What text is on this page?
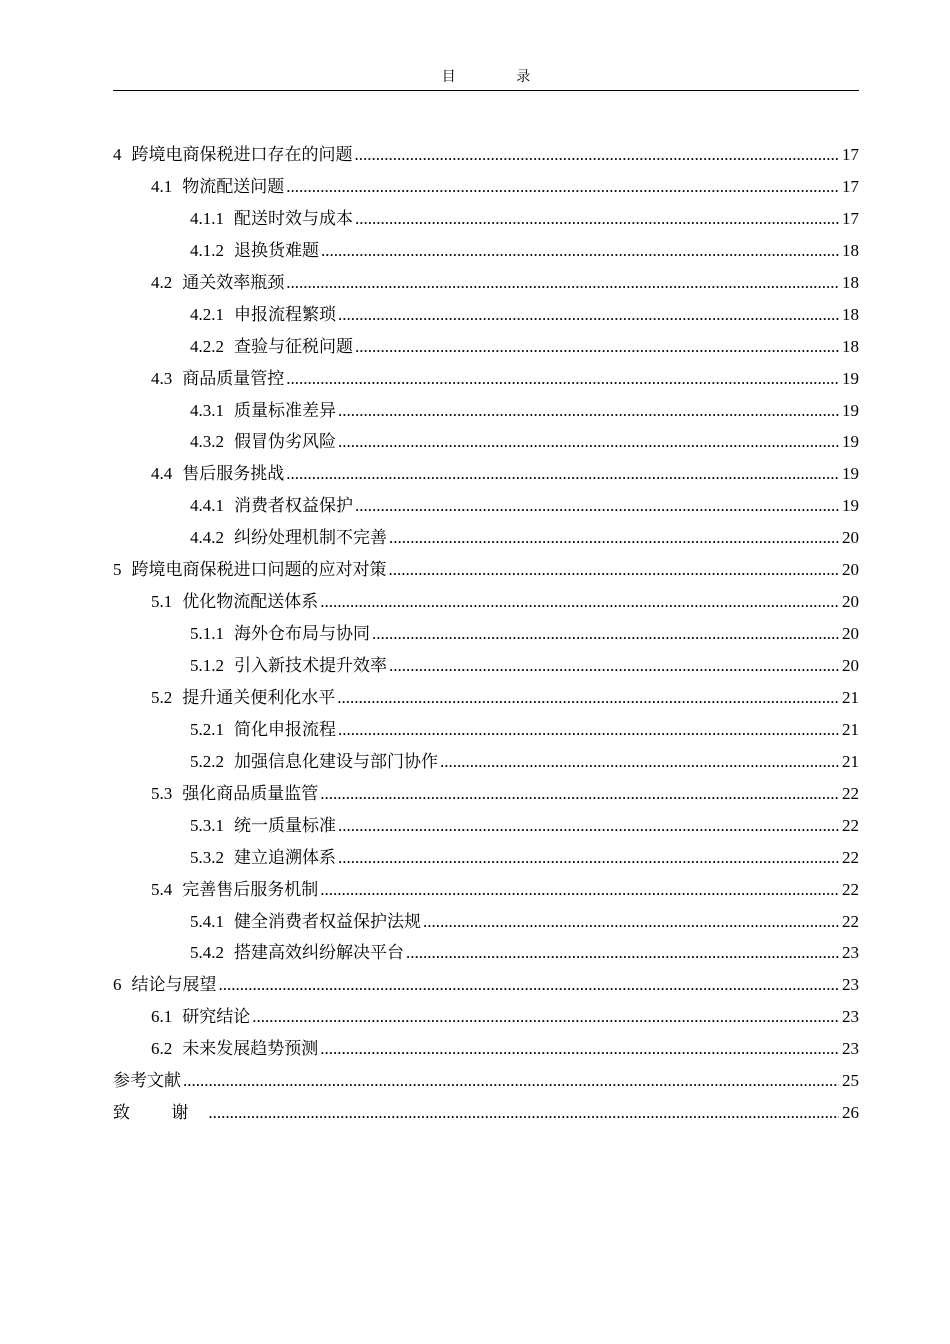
目 录
4 跨境电商保税进口存在的问题 .....	17
4.1 物流配送问题 .....	17
4.1.1 配送时效与成本 .....	17
4.1.2 退换货难题 .....	18
4.2 通关效率瓶颈 .....	18
4.2.1 申报流程繁琐 .....	18
4.2.2 查验与征税问题 .....	18
4.3 商品质量管控 .....	19
4.3.1 质量标准差异 .....	19
4.3.2 假冒伪劣风险 .....	19
4.4 售后服务挑战 .....	19
4.4.1 消费者权益保护 .....	19
4.4.2 纠纷处理机制不完善 .....	20
5 跨境电商保税进口问题的应对对策 .....	20
5.1 优化物流配送体系 .....	20
5.1.1 海外仓布局与协同 .....	20
5.1.2 引入新技术提升效率 .....	20
5.2 提升通关便利化水平 .....	21
5.2.1 简化申报流程 .....	21
5.2.2 加强信息化建设与部门协作 .....	21
5.3 强化商品质量监管 .....	22
5.3.1 统一质量标准 .....	22
5.3.2 建立追溯体系 .....	22
5.4 完善售后服务机制 .....	22
5.4.1 健全消费者权益保护法规 .....	22
5.4.2 搭建高效纠纷解决平台 .....	23
6 结论与展望 .....	23
6.1 研究结论 .....	23
6.2 未来发展趋势预测 .....	23
参考文献 .....	25
致 谢 .....	26
